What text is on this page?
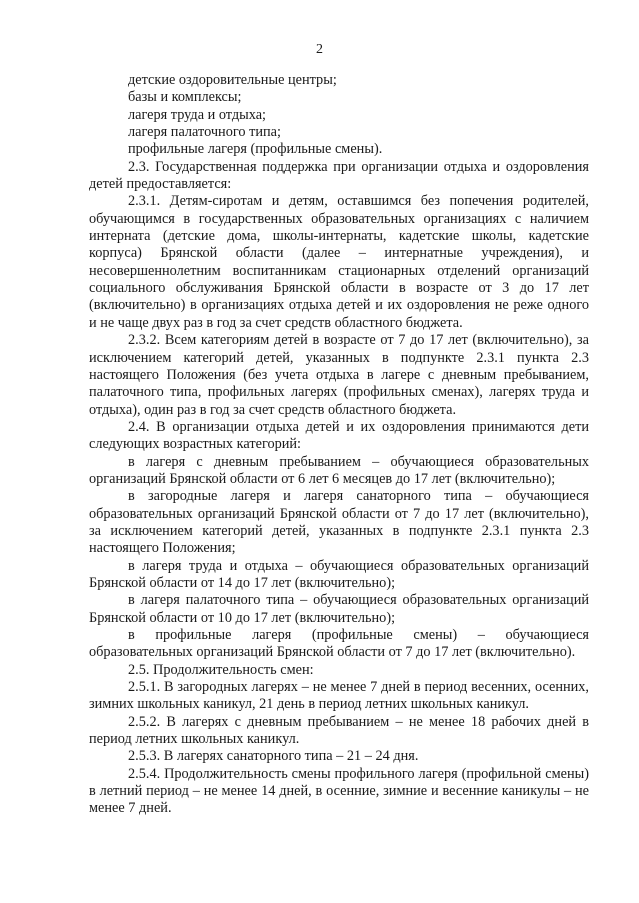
2

детские оздоровительные центры;

базы и комплексы;

лагеря труда и отдыха;

лагеря палаточного типа;

профильные лагеря (профильные смены).

2.3. Государственная поддержка при организации отдыха и оздоровления детей предоставляется:

2.3.1. Детям-сиротам и детям, оставшимся без попечения родителей, обучающимся в государственных образовательных организациях с наличием интерната (детские дома, школы-интернаты, кадетские школы, кадетские корпуса) Брянской области (далее – интернатные учреждения), и несовершеннолетним воспитанникам стационарных отделений организаций социального обслуживания Брянской области в возрасте от 3 до 17 лет (включительно) в организациях отдыха детей и их оздоровления не реже одного и не чаще двух раз в год за счет средств областного бюджета.

2.3.2. Всем категориям детей в возрасте от 7 до 17 лет (включительно), за исключением категорий детей, указанных в подпункте 2.3.1 пункта 2.3 настоящего Положения (без учета отдыха в лагере с дневным пребыванием, палаточного типа, профильных лагерях (профильных сменах), лагерях труда и отдыха), один раз в год за счет средств областного бюджета.

2.4. В организации отдыха детей и их оздоровления принимаются дети следующих возрастных категорий:

в лагеря с дневным пребыванием – обучающиеся образовательных организаций Брянской области от 6 лет 6 месяцев до 17 лет (включительно);

в загородные лагеря и лагеря санаторного типа – обучающиеся образовательных организаций Брянской области от 7 до 17 лет (включительно), за исключением категорий детей, указанных в подпункте 2.3.1 пункта 2.3 настоящего Положения;

в лагеря труда и отдыха – обучающиеся образовательных организаций Брянской области от 14 до 17 лет (включительно);

в лагеря палаточного типа – обучающиеся образовательных организаций Брянской области от 10 до 17 лет (включительно);

в профильные лагеря (профильные смены) – обучающиеся образовательных организаций Брянской области от 7 до 17 лет (включительно).

2.5. Продолжительность смен:

2.5.1. В загородных лагерях – не менее 7 дней в период весенних, осенних, зимних школьных каникул, 21 день в период летних школьных каникул.

2.5.2. В лагерях с дневным пребыванием – не менее 18 рабочих дней в период летних школьных каникул.

2.5.3. В лагерях санаторного типа – 21 – 24 дня.

2.5.4. Продолжительность смены профильного лагеря (профильной смены) в летний период – не менее 14 дней, в осенние, зимние и весенние каникулы – не менее 7 дней.
